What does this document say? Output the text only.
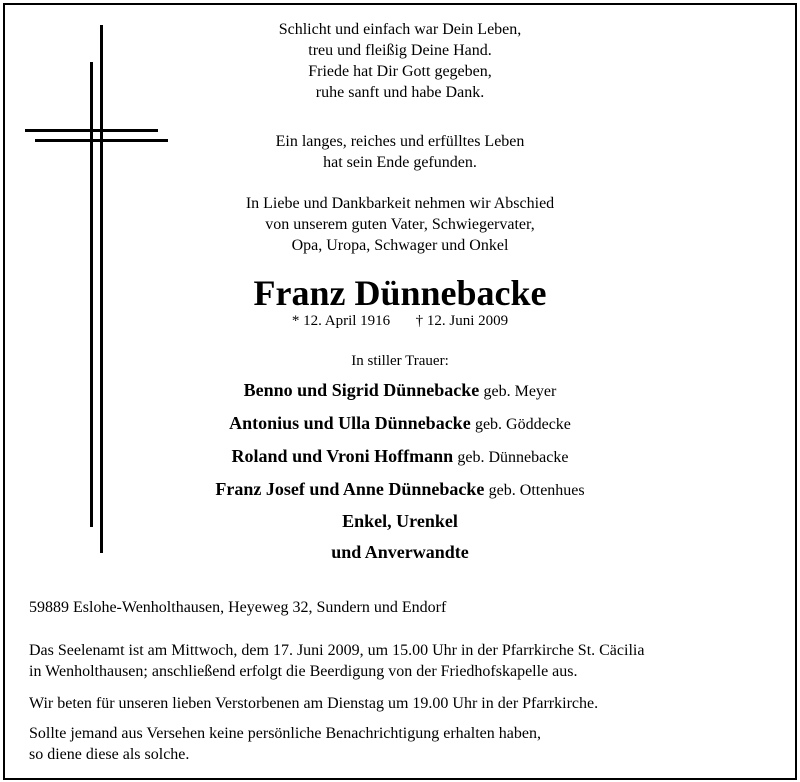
Schlicht und einfach war Dein Leben,
treu und fleißig Deine Hand.
Friede hat Dir Gott gegeben,
ruhe sanft und habe Dank.
Ein langes, reiches und erfülltes Leben
hat sein Ende gefunden.
In Liebe und Dankbarkeit nehmen wir Abschied
von unserem guten Vater, Schwiegervater,
Opa, Uropa, Schwager und Onkel
Franz Dünnebacke
* 12. April 1916 † 12. Juni 2009
In stiller Trauer:
Benno und Sigrid Dünnebacke geb. Meyer
Antonius und Ulla Dünnebacke geb. Göddecke
Roland und Vroni Hoffmann geb. Dünnebacke
Franz Josef und Anne Dünnebacke geb. Ottenhues
Enkel, Urenkel
und Anverwandte
59889 Eslohe-Wenholthausen, Heyeweg 32, Sundern und Endorf
Das Seelenamt ist am Mittwoch, dem 17. Juni 2009, um 15.00 Uhr in der Pfarrkirche St. Cäcilia
in Wenholthausen; anschließend erfolgt die Beerdigung von der Friedhofskapelle aus.
Wir beten für unseren lieben Verstorbenen am Dienstag um 19.00 Uhr in der Pfarrkirche.
Sollte jemand aus Versehen keine persönliche Benachrichtigung erhalten haben,
so diene diese als solche.
